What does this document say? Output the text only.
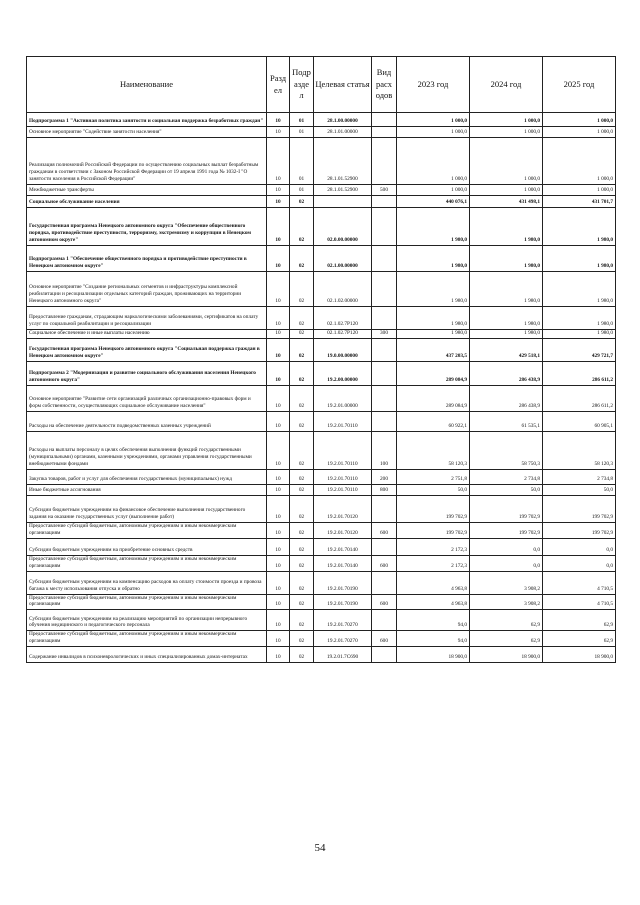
Наименование	Разд ел	Подр азде л	Целевая статья	Вид расх одов	2023 год	2024 год	2025 год
Подпрограмма 1 "Активная политика занятости и социальная поддержка безработных граждан"	10	01	28.1.00.00000		1 000,0	1 000,0	1 000,0
Основное мероприятие "Содействие занятости населения"	10	01	28.1.01.00000		1 000,0	1 000,0	1 000,0
Реализация полномочий Российской Федерации по осуществлению социальных выплат безработным гражданам в соответствии с Законом Российской Федерации от 19 апреля 1991 года № 1032-I "О занятости населения в Российской Федерации"	10	01	28.1.01.52900		1 000,0	1 000,0	1 000,0
Межбюджетные трансферты	10	01	28.1.01.52900	500	1 000,0	1 000,0	1 000,0
Социальное обслуживание населения	10	02			440 076,1	431 498,1	431 701,7
Государственная программа Ненецкого автономного округа "Обеспечение общественного порядка, противодействие преступности, терроризму, экстремизму и коррупции в Ненецком автономном округе"	10	02	02.0.00.00000		1 980,0	1 980,0	1 980,0
Подпрограмма 1 "Обеспечение общественного порядка и противодействие преступности в Ненецком автономном округе"	10	02	02.1.00.00000		1 980,0	1 980,0	1 980,0
Основное мероприятие "Создание региональных сегментов и инфраструктуры комплексной реабилитации и ресоциализации отдельных категорий граждан, проживающих на территории Ненецкого автономного округа"	10	02	02.1.02.00000		1 980,0	1 980,0	1 980,0
Предоставление гражданам, страдающим наркологическими заболеваниями, сертификатов на оплату услуг по социальной реабилитации и ресоциализации	10	02	02.1.02.7Р120		1 980,0	1 980,0	1 980,0
Социальное обеспечение и иные выплаты населению	10	02	02.1.02.7Р120	300	1 980,0	1 980,0	1 980,0
Государственная программа Ненецкого автономного округа "Социальная поддержка граждан в Ненецком автономном округе"	10	02	19.0.00.00000		437 203,5	429 518,1	429 721,7
Подпрограмма 2 "Модернизация и развитие социального обслуживания населения Ненецкого автономного округа"	10	02	19.2.00.00000		289 084,9	286 438,9	286 611,2
Основное мероприятие "Развитие сети организаций различных организационно-правовых форм и форм собственности, осуществляющих социальное обслуживание населения"	10	02	19.2.01.00000		289 084,9	286 438,9	286 611,2
Расходы на обеспечение деятельности подведомственных казенных учреждений	10	02	19.2.01.70110		60 922,1	61 535,1	60 905,1
Расходы на выплаты персоналу в целях обеспечения выполнения функций государственными (муниципальными) органами, казенными учреждениями, органами управления государственными внебюджетными фондами	10	02	19.2.01.70110	100	58 120,3	58 750,3	58 120,3
Закупка товаров, работ и услуг для обеспечения государственных (муниципальных) нужд	10	02	19.2.01.70110	200	2 751,8	2 734,8	2 734,8
Иные бюджетные ассигнования	10	02	19.2.01.70110	800	50,0	50,0	50,0
Субсидии бюджетным учреждениям на финансовое обеспечение выполнения государственного задания на оказание государственных услуг (выполнение работ)	10	02	19.2.01.70120		199 702,9	199 702,9	199 702,9
Предоставление субсидий бюджетным, автономным учреждениям и иным некоммерческим организациям	10	02	19.2.01.70120	600	199 702,9	199 702,9	199 702,9
Субсидии бюджетным учреждениям на приобретение основных средств	10	02	19.2.01.70140		2 172,3	0,0	0,0
Предоставление субсидий бюджетным, автономным учреждениям и иным некоммерческим организациям	10	02	19.2.01.70140	600	2 172,3	0,0	0,0
Субсидии бюджетным учреждениям на компенсацию расходов на оплату стоимости проезда и провоза багажа к месту использования отпуска и обратно	10	02	19.2.01.70190		4 963,8	3 908,2	4 710,5
Предоставление субсидий бюджетным, автономным учреждениям и иным некоммерческим организациям	10	02	19.2.01.70190	600	4 963,8	3 908,2	4 710,5
Субсидии бюджетным учреждениям на реализацию мероприятий по организации непрерывного обучения медицинского и педагогического персонала	10	02	19.2.01.70270		94,0	62,9	62,9
Предоставление субсидий бюджетным, автономным учреждениям и иным некоммерческим организациям	10	02	19.2.01.70270	600	94,0	62,9	62,9
Содержание инвалидов в психоневрологических и иных специализированных домах-интернатах	10	02	19.2.01.7С690		18 900,0	18 900,0	18 900,0
54
